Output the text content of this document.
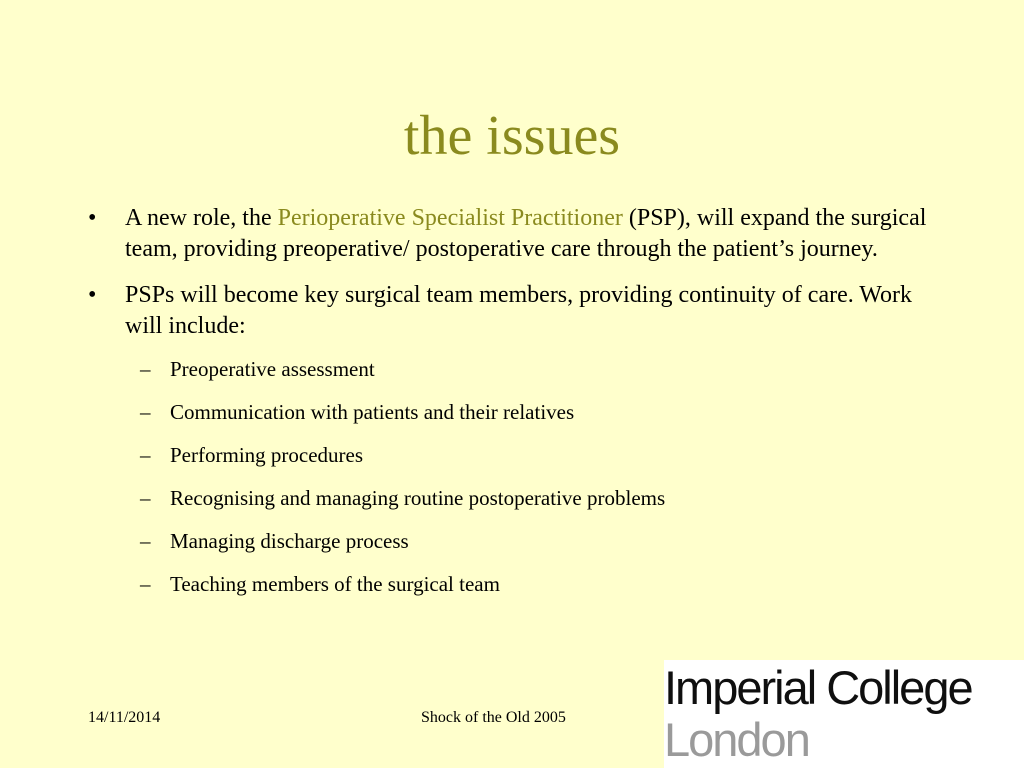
the issues
• A new role, the Perioperative Specialist Practitioner (PSP), will expand the surgical team, providing preoperative/ postoperative care through the patient’s journey.
• PSPs will become key surgical team members, providing continuity of care. Work will include:
– Preoperative assessment
– Communication with patients and their relatives
– Performing procedures
– Recognising and managing routine postoperative problems
– Managing discharge process
– Teaching members of the surgical team
14/11/2014	Shock of the Old 2005
Imperial College
London
